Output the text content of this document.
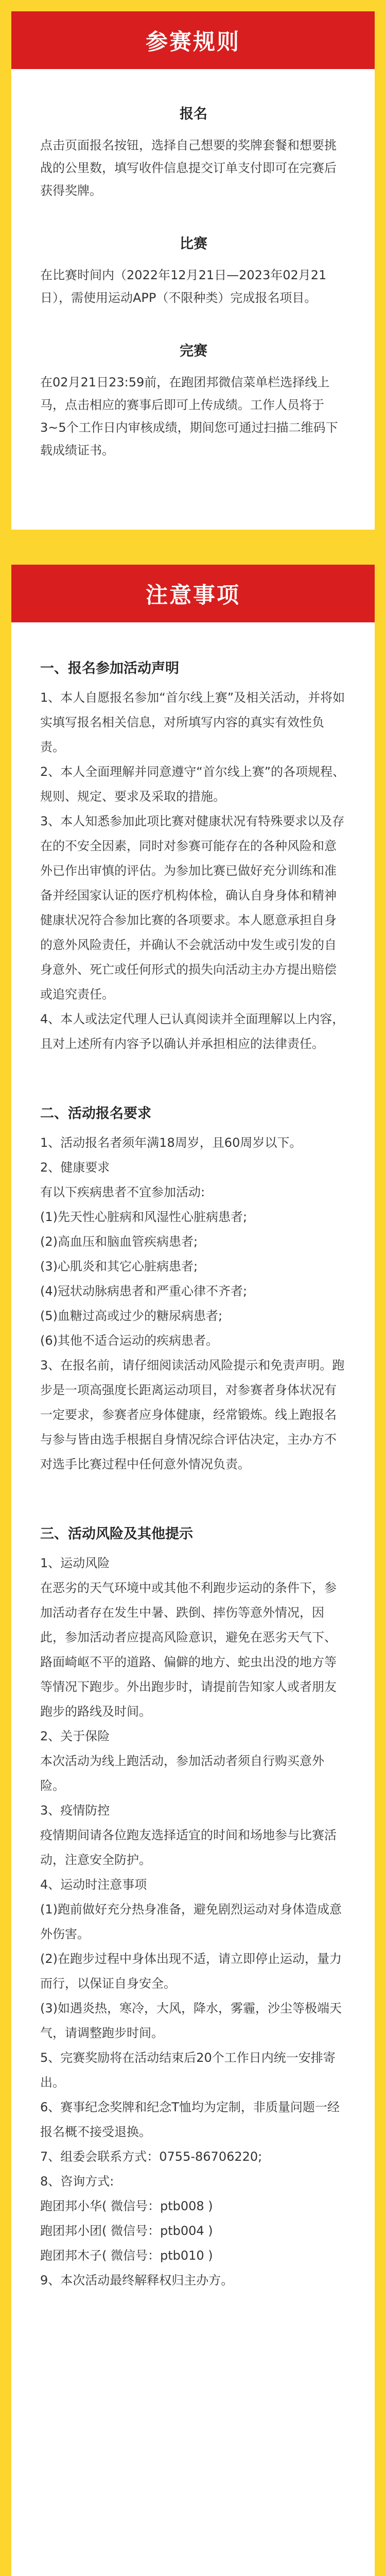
参赛规则
报名
点击页面报名按钮，选择自己想要的奖牌套餐和想要挑战的公里数，填写收件信息提交订单支付即可在完赛后获得奖牌。
比赛
在比赛时间内（2022年12月21日—2023年02月21日），需使用运动APP（不限种类）完成报名项目。
完赛
在02月21日23:59前，在跑团邦微信菜单栏选择线上马，点击相应的赛事后即可上传成绩。工作人员将于3~5个工作日内审核成绩，期间您可通过扫描二维码下载成绩证书。
注意事项
一、报名参加活动声明
1、本人自愿报名参加“首尔线上赛”及相关活动，并将如实填写报名相关信息，对所填写内容的真实有效性负责。
2、本人全面理解并同意遵守“首尔线上赛”的各项规程、规则、规定、要求及采取的措施。
3、本人知悉参加此项比赛对健康状况有特殊要求以及存在的不安全因素，同时对参赛可能存在的各种风险和意外已作出审慎的评估。为参加比赛已做好充分训练和准备并经国家认证的医疗机构体检，确认自身身体和精神健康状况符合参加比赛的各项要求。本人愿意承担自身的意外风险责任，并确认不会就活动中发生或引发的自身意外、死亡或任何形式的损失向活动主办方提出赔偿或追究责任。
4、本人或法定代理人已认真阅读并全面理解以上内容，且对上述所有内容予以确认并承担相应的法律责任。
二、活动报名要求
1、活动报名者须年满18周岁，且60周岁以下。
2、健康要求
有以下疾病患者不宜参加活动:
(1)先天性心脏病和风湿性心脏病患者;
(2)高血压和脑血管疾病患者;
(3)心肌炎和其它心脏病患者;
(4)冠状动脉病患者和严重心律不齐者;
(5)血糖过高或过少的糖尿病患者;
(6)其他不适合运动的疾病患者。
3、在报名前，请仔细阅读活动风险提示和免责声明。跑步是一项高强度长距离运动项目，对参赛者身体状况有一定要求，参赛者应身体健康，经常锻炼。线上跑报名与参与皆由选手根据自身情况综合评估决定，主办方不对选手比赛过程中任何意外情况负责。
三、活动风险及其他提示
1、运动风险
在恶劣的天气环境中或其他不利跑步运动的条件下，参加活动者存在发生中暑、跌倒、摔伤等意外情况，因此，参加活动者应提高风险意识，避免在恶劣天气下、路面崎岖不平的道路、偏僻的地方、蛇虫出没的地方等等情况下跑步。外出跑步时，请提前告知家人或者朋友跑步的路线及时间。
2、关于保险
本次活动为线上跑活动，参加活动者须自行购买意外险。
3、疫情防控
疫情期间请各位跑友选择适宜的时间和场地参与比赛活动，注意安全防护。
4、运动时注意事项
(1)跑前做好充分热身准备，避免剧烈运动对身体造成意外伤害。
(2)在跑步过程中身体出现不适，请立即停止运动，量力而行，以保证自身安全。
(3)如遇炎热，寒冷，大风，降水，雾霾，沙尘等极端天气，请调整跑步时间。
5、完赛奖励将在活动结束后20个工作日内统一安排寄出。
6、赛事纪念奖牌和纪念T恤均为定制，非质量问题一经报名概不接受退换。
7、组委会联系方式：0755-86706220;
8、咨询方式:
跑团邦小华( 微信号：ptb008 )
跑团邦小团( 微信号：ptb004 )
跑团邦木子( 微信号：ptb010 )
9、本次活动最终解释权归主办方。
